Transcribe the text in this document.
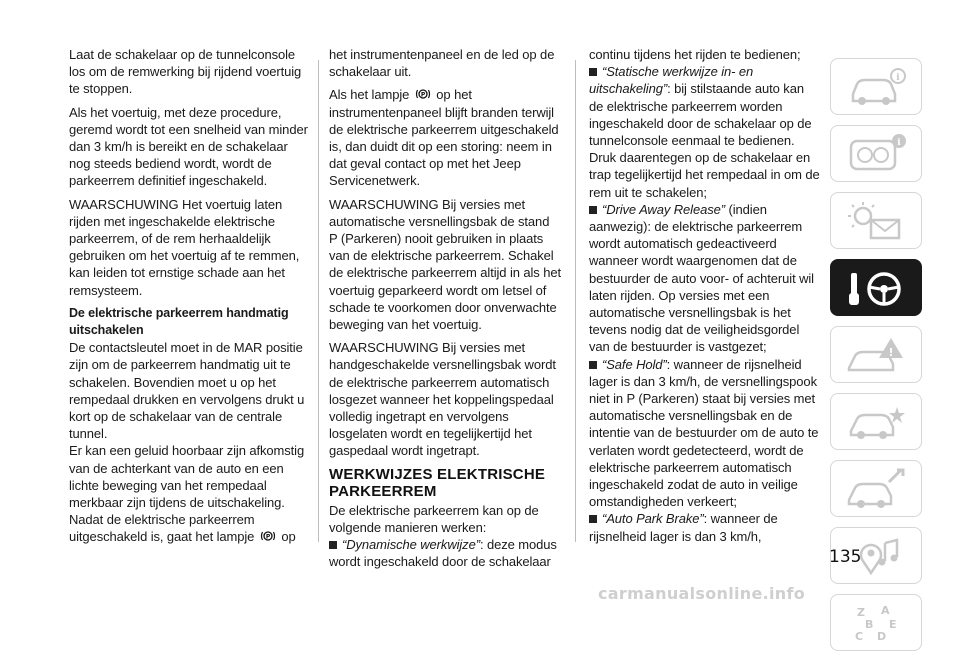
Laat de schakelaar op de tunnelconsole los om de remwerking bij rijdend voertuig te stoppen.

Als het voertuig, met deze procedure, geremd wordt tot een snelheid van minder dan 3 km/h is bereikt en de schakelaar nog steeds bediend wordt, wordt de parkeerrem definitief ingeschakeld.

WAARSCHUWING Het voertuig laten rijden met ingeschakelde elektrische parkeerrem, of de rem herhaaldelijk gebruiken om het voertuig af te remmen, kan leiden tot ernstige schade aan het remsysteem.

De elektrische parkeerrem handmatig uitschakelen

De contactsleutel moet in de MAR positie zijn om de parkeerrem handmatig uit te schakelen. Bovendien moet u op het rempedaal drukken en vervolgens drukt u kort op de schakelaar van de centrale tunnel.

Er kan een geluid hoorbaar zijn afkomstig van de achterkant van de auto en een lichte beweging van het rempedaal merkbaar zijn tijdens de uitschakeling.

Nadat de elektrische parkeerrem uitgeschakeld is, gaat het lampje P op

het instrumentenpaneel en de led op de schakelaar uit.

Als het lampje P op het instrumentenpaneel blijft branden terwijl de elektrische parkeerrem uitgeschakeld is, dan duidt dit op een storing: neem in dat geval contact op met het Jeep Servicenetwerk.

WAARSCHUWING Bij versies met automatische versnellingsbak de stand P (Parkeren) nooit gebruiken in plaats van de elektrische parkeerrem. Schakel de elektrische parkeerrem altijd in als het voertuig geparkeerd wordt om letsel of schade te voorkomen door onverwachte beweging van het voertuig.

WAARSCHUWING Bij versies met handgeschakelde versnellingsbak wordt de elektrische parkeerrem automatisch losgezet wanneer het koppelingspedaal volledig ingetrapt en vervolgens losgelaten wordt en tegelijkertijd het gaspedaal wordt ingetrapt.

WERKWIJZES ELEKTRISCHE PARKEERREM

De elektrische parkeerrem kan op de volgende manieren werken:

“Dynamische werkwijze”: deze modus wordt ingeschakeld door de schakelaar

continu tijdens het rijden te bedienen;

“Statische werkwijze in- en uitschakeling”: bij stilstaande auto kan de elektrische parkeerrem worden ingeschakeld door de schakelaar op de tunnelconsole eenmaal te bedienen. Druk daarentegen op de schakelaar en trap tegelijkertijd het rempedaal in om de rem uit te schakelen;

“Drive Away Release” (indien aanwezig): de elektrische parkeerrem wordt automatisch gedeactiveerd wanneer wordt waargenomen dat de bestuurder de auto voor- of achteruit wil laten rijden. Op versies met een automatische versnellingsbak is het tevens nodig dat de veiligheidsgordel van de bestuurder is vastgezet;

“Safe Hold”: wanneer de rijsnelheid lager is dan 3 km/h, de versnellingspook niet in P (Parkeren) staat bij versies met automatische versnellingsbak en de intentie van de bestuurder om de auto te verlaten wordt gedetecteerd, wordt de elektrische parkeerrem automatisch ingeschakeld zodat de auto in veilige omstandigheden verkeert;

“Auto Park Brake”: wanneer de rijsnelheid lager is dan 3 km/h,

i
i
!
Z A
B E
C D
135
carmanualsonline.info
